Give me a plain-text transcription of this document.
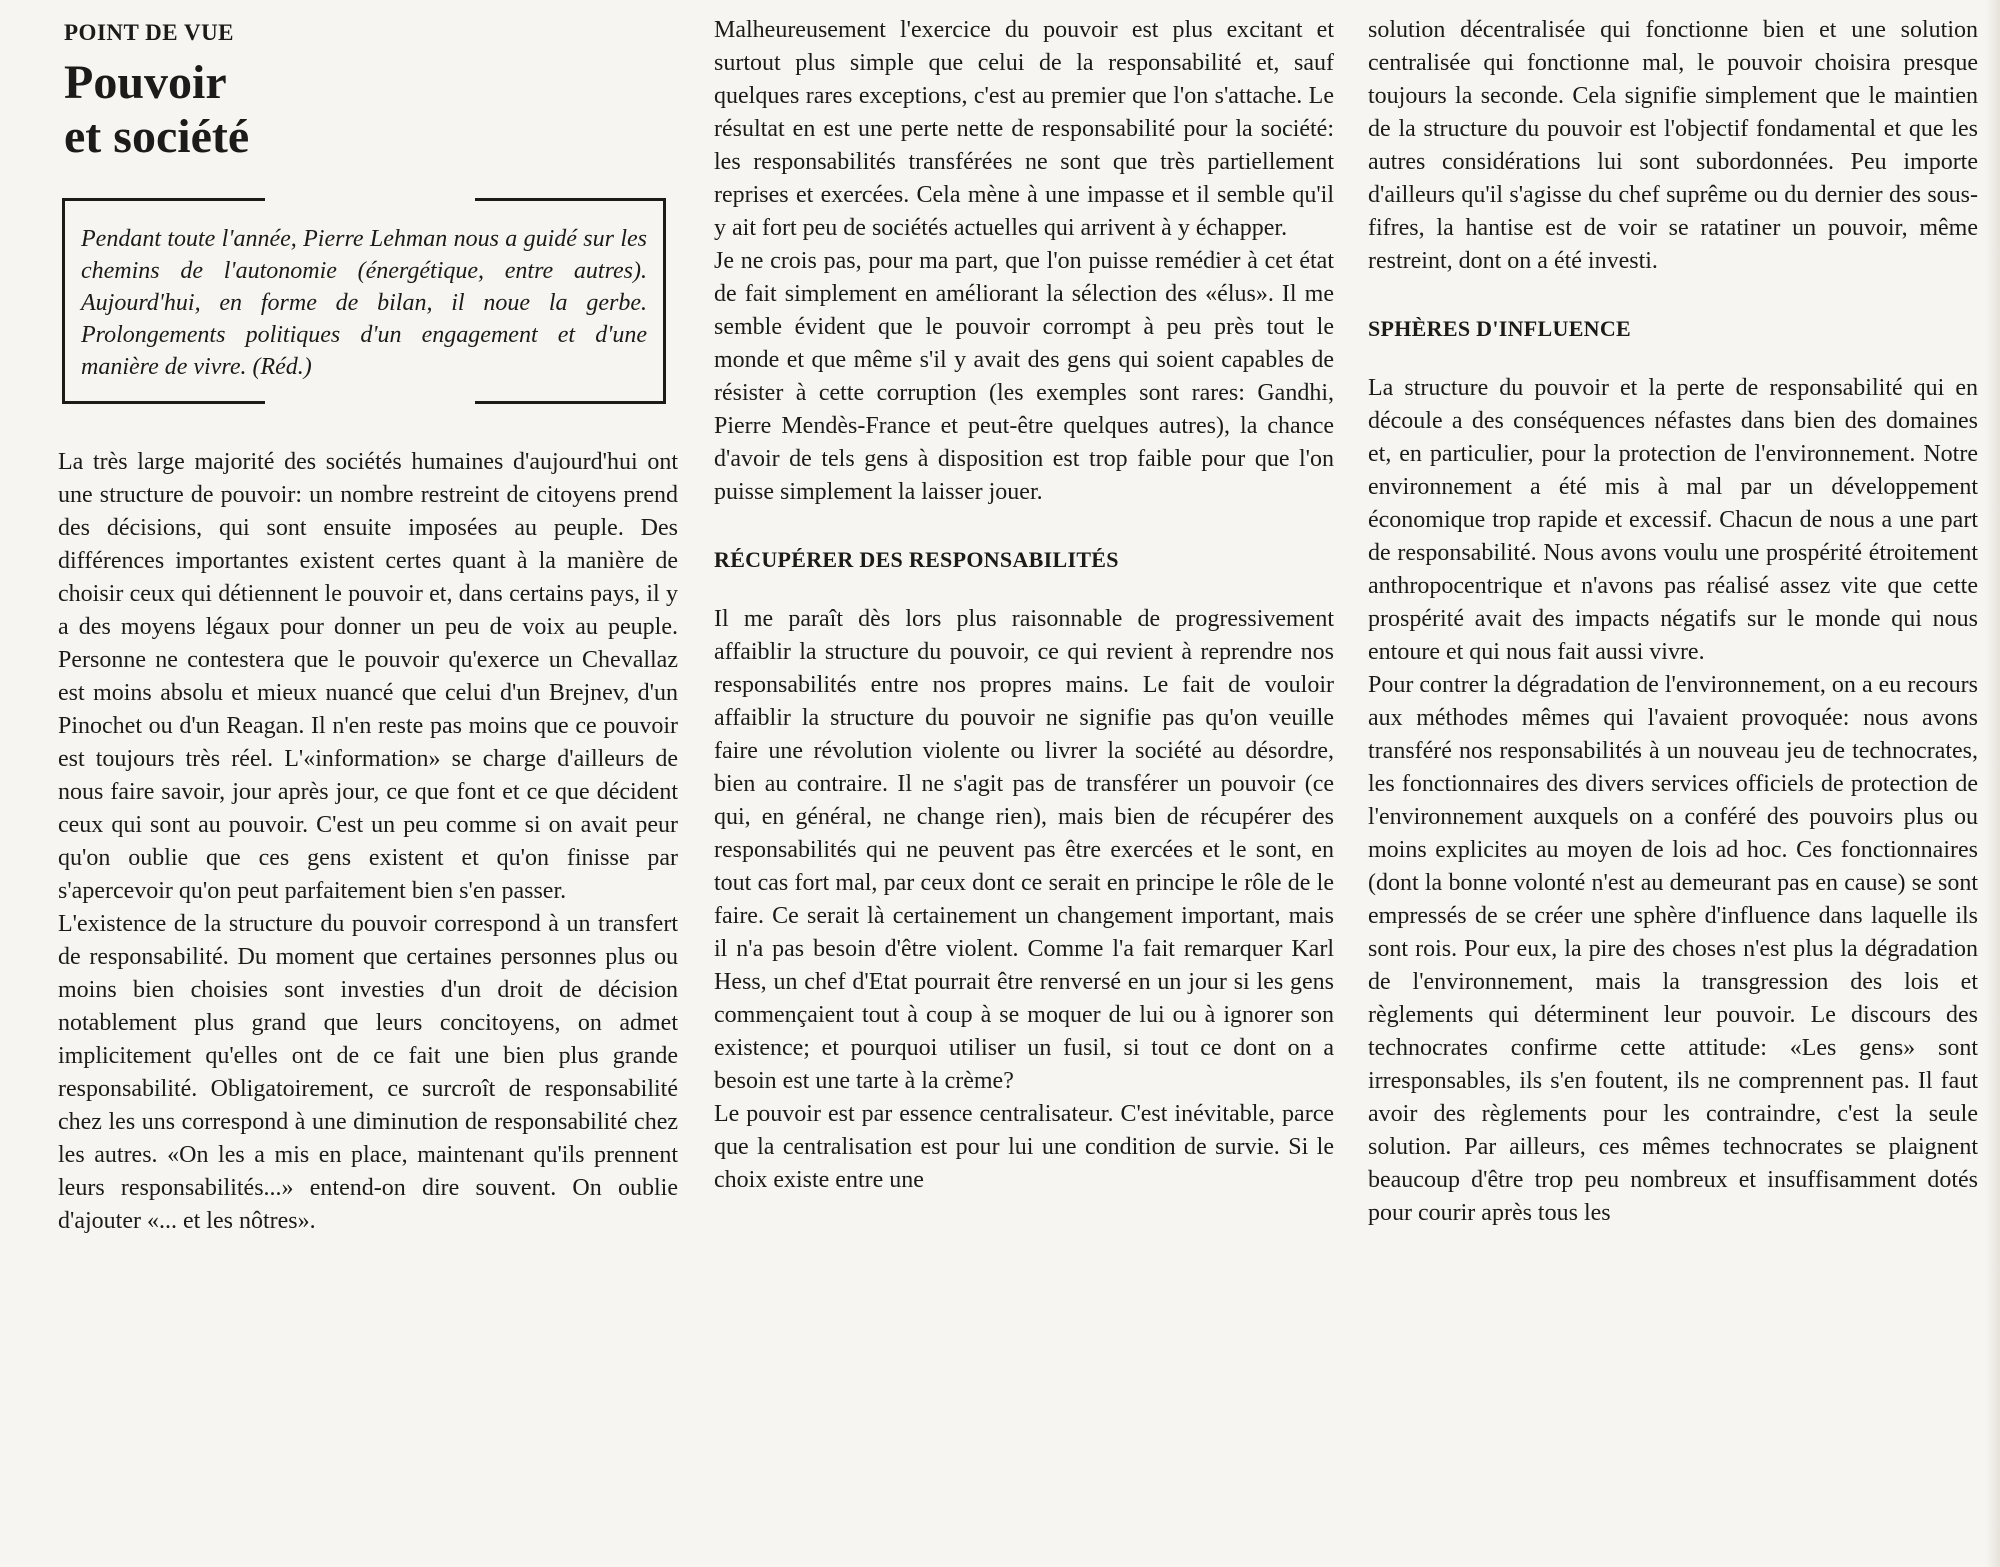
POINT DE VUE
Pouvoir
et société
Pendant toute l'année, Pierre Lehman nous a guidé sur les chemins de l'autonomie (énergétique, entre autres). Aujourd'hui, en forme de bilan, il noue la gerbe. Prolongements politiques d'un engagement et d'une manière de vivre. (Réd.)

La très large majorité des sociétés humaines d'aujourd'hui ont une structure de pouvoir: un nombre restreint de citoyens prend des décisions, qui sont ensuite imposées au peuple. Des différences importantes existent certes quant à la manière de choisir ceux qui détiennent le pouvoir et, dans certains pays, il y a des moyens légaux pour donner un peu de voix au peuple. Personne ne contestera que le pouvoir qu'exerce un Chevallaz est moins absolu et mieux nuancé que celui d'un Brejnev, d'un Pinochet ou d'un Reagan. Il n'en reste pas moins que ce pouvoir est toujours très réel. L'«information» se charge d'ailleurs de nous faire savoir, jour après jour, ce que font et ce que décident ceux qui sont au pouvoir. C'est un peu comme si on avait peur qu'on oublie que ces gens existent et qu'on finisse par s'apercevoir qu'on peut parfaitement bien s'en passer.

L'existence de la structure du pouvoir correspond à un transfert de responsabilité. Du moment que certaines personnes plus ou moins bien choisies sont investies d'un droit de décision notablement plus grand que leurs concitoyens, on admet implicitement qu'elles ont de ce fait une bien plus grande responsabilité. Obligatoirement, ce surcroît de responsabilité chez les uns correspond à une diminution de responsabilité chez les autres. «On les a mis en place, maintenant qu'ils prennent leurs responsabilités...» entend-on dire souvent. On oublie d'ajouter «... et les nôtres».

Malheureusement l'exercice du pouvoir est plus excitant et surtout plus simple que celui de la responsabilité et, sauf quelques rares exceptions, c'est au premier que l'on s'attache. Le résultat en est une perte nette de responsabilité pour la société: les responsabilités transférées ne sont que très partiellement reprises et exercées. Cela mène à une impasse et il semble qu'il y ait fort peu de sociétés actuelles qui arrivent à y échapper.

Je ne crois pas, pour ma part, que l'on puisse remédier à cet état de fait simplement en améliorant la sélection des «élus». Il me semble évident que le pouvoir corrompt à peu près tout le monde et que même s'il y avait des gens qui soient capables de résister à cette corruption (les exemples sont rares: Gandhi, Pierre Mendès-France et peut-être quelques autres), la chance d'avoir de tels gens à disposition est trop faible pour que l'on puisse simplement la laisser jouer.

RÉCUPÉRER DES RESPONSABILITÉS

Il me paraît dès lors plus raisonnable de progressivement affaiblir la structure du pouvoir, ce qui revient à reprendre nos responsabilités entre nos propres mains. Le fait de vouloir affaiblir la structure du pouvoir ne signifie pas qu'on veuille faire une révolution violente ou livrer la société au désordre, bien au contraire. Il ne s'agit pas de transférer un pouvoir (ce qui, en général, ne change rien), mais bien de récupérer des responsabilités qui ne peuvent pas être exercées et le sont, en tout cas fort mal, par ceux dont ce serait en principe le rôle de le faire. Ce serait là certainement un changement important, mais il n'a pas besoin d'être violent. Comme l'a fait remarquer Karl Hess, un chef d'Etat pourrait être renversé en un jour si les gens commençaient tout à coup à se moquer de lui ou à ignorer son existence; et pourquoi utiliser un fusil, si tout ce dont on a besoin est une tarte à la crème?

Le pouvoir est par essence centralisateur. C'est inévitable, parce que la centralisation est pour lui une condition de survie. Si le choix existe entre une

solution décentralisée qui fonctionne bien et une solution centralisée qui fonctionne mal, le pouvoir choisira presque toujours la seconde. Cela signifie simplement que le maintien de la structure du pouvoir est l'objectif fondamental et que les autres considérations lui sont subordonnées. Peu importe d'ailleurs qu'il s'agisse du chef suprême ou du dernier des sous-fifres, la hantise est de voir se ratatiner un pouvoir, même restreint, dont on a été investi.

SPHÈRES D'INFLUENCE

La structure du pouvoir et la perte de responsabilité qui en découle a des conséquences néfastes dans bien des domaines et, en particulier, pour la protection de l'environnement. Notre environnement a été mis à mal par un développement économique trop rapide et excessif. Chacun de nous a une part de responsabilité. Nous avons voulu une prospérité étroitement anthropocentrique et n'avons pas réalisé assez vite que cette prospérité avait des impacts négatifs sur le monde qui nous entoure et qui nous fait aussi vivre.

Pour contrer la dégradation de l'environnement, on a eu recours aux méthodes mêmes qui l'avaient provoquée: nous avons transféré nos responsabilités à un nouveau jeu de technocrates, les fonctionnaires des divers services officiels de protection de l'environnement auxquels on a conféré des pouvoirs plus ou moins explicites au moyen de lois ad hoc. Ces fonctionnaires (dont la bonne volonté n'est au demeurant pas en cause) se sont empressés de se créer une sphère d'influence dans laquelle ils sont rois. Pour eux, la pire des choses n'est plus la dégradation de l'environnement, mais la transgression des lois et règlements qui déterminent leur pouvoir. Le discours des technocrates confirme cette attitude: «Les gens» sont irresponsables, ils s'en foutent, ils ne comprennent pas. Il faut avoir des règlements pour les contraindre, c'est la seule solution. Par ailleurs, ces mêmes technocrates se plaignent beaucoup d'être trop peu nombreux et insuffisamment dotés pour courir après tous les
